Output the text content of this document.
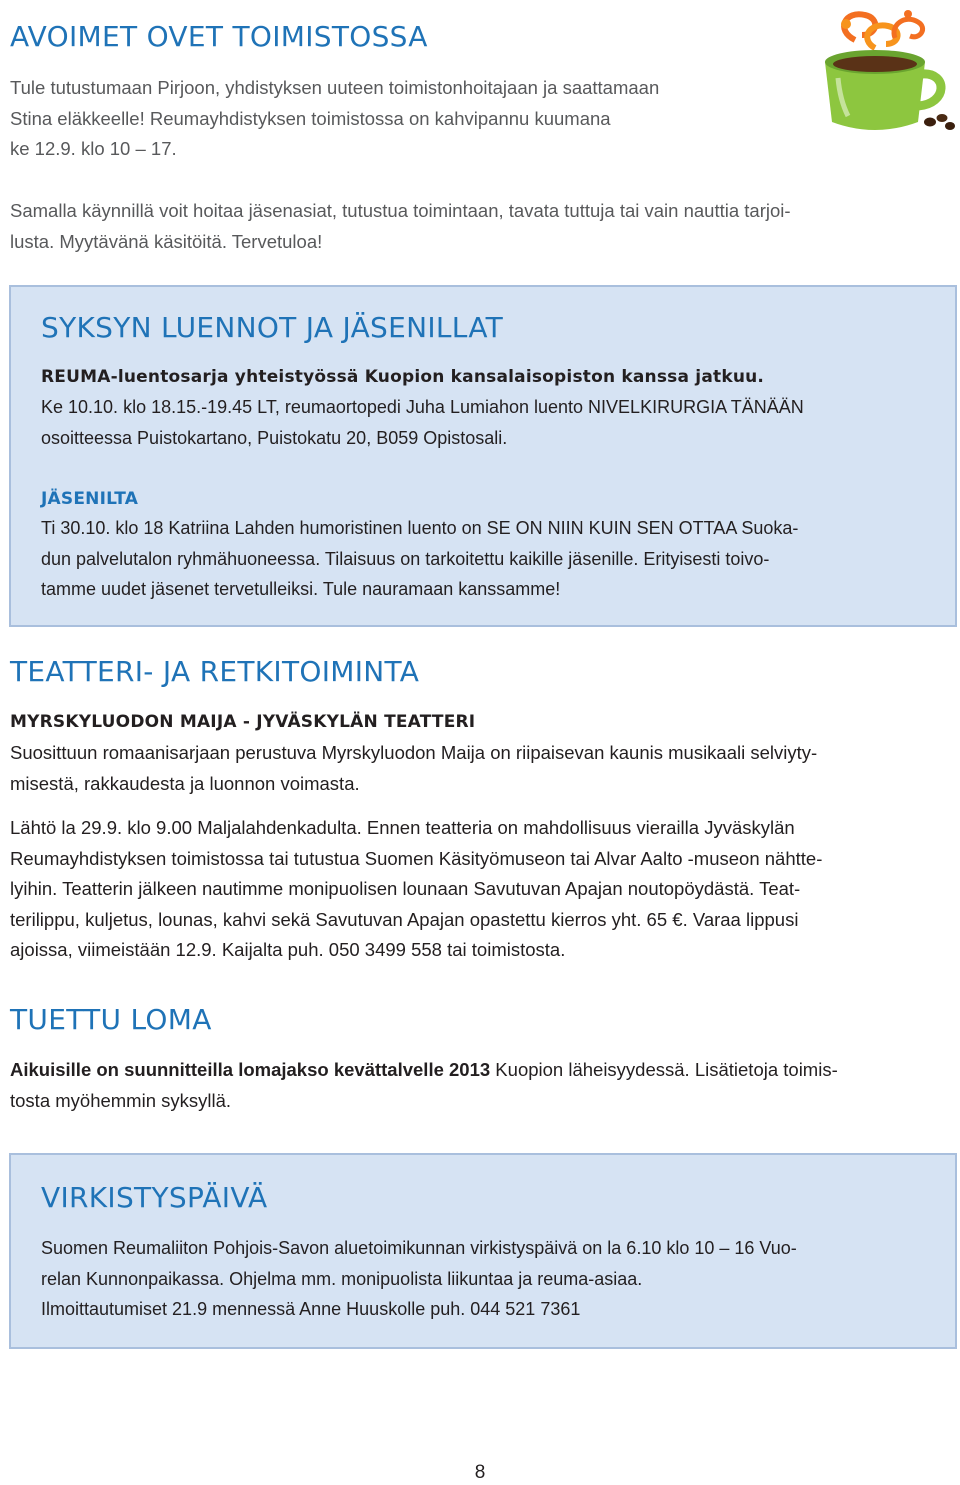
AVOIMET OVET TOIMISTOSSA

Tule tutustumaan Pirjoon, yhdistyksen uuteen toimistonhoitajaan ja saattamaan

Stina eläkkeelle! Reumayhdistyksen toimistossa on kahvipannu kuumana

ke 12.9. klo 10 – 17.

Samalla käynnillä voit hoitaa jäsenasiat, tutustua toimintaan, tavata tuttuja tai vain nauttia tarjoi-

lusta. Myytävänä käsitöitä. Tervetuloa!

SYKSYN LUENNOT JA JÄSENILLAT
REUMA-luentosarja yhteistyössä Kuopion kansalaisopiston kanssa jatkuu.

Ke 10.10. klo 18.15.-19.45 LT, reumaortopedi Juha Lumiahon luento NIVELKIRURGIA TÄNÄÄN

osoitteessa Puistokartano, Puistokatu 20, B059 Opistosali.

JÄSENILTA

Ti 30.10. klo 18 Katriina Lahden humoristinen luento on SE ON NIIN KUIN SEN OTTAA Suoka-

dun palvelutalon ryhmähuoneessa. Tilaisuus on tarkoitettu kaikille jäsenille. Erityisesti toivo-

tamme uudet jäsenet tervetulleiksi. Tule nauramaan kanssamme!

TEATTERI- JA RETKITOIMINTA
MYRSKYLUODON MAIJA - JYVÄSKYLÄN TEATTERI

Suosittuun romaanisarjaan perustuva Myrskyluodon Maija on riipaisevan kaunis musikaali selviyty-

misestä, rakkaudesta ja luonnon voimasta.

Lähtö la 29.9. klo 9.00 Maljalahdenkadulta. Ennen teatteria on mahdollisuus vierailla Jyväskylän

Reumayhdistyksen toimistossa tai tutustua Suomen Käsityömuseon tai Alvar Aalto -museon nähtte-

lyihin. Teatterin jälkeen nautimme monipuolisen lounaan Savutuvan Apajan noutopöydästä. Teat-

terilippu, kuljetus, lounas, kahvi sekä Savutuvan Apajan opastettu kierros yht. 65 €. Varaa lippusi

ajoissa, viimeistään 12.9. Kaijalta puh. 050 3499 558 tai toimistosta.

TUETTU LOMA

Aikuisille on suunnitteilla lomajakso kevättalvelle 2013 Kuopion läheisyydessä. Lisätietoja toimis-

tosta myöhemmin syksyllä.

VIRKISTYSPÄIVÄ

Suomen Reumaliiton Pohjois-Savon aluetoimikunnan virkistyspäivä on la 6.10 klo 10 – 16 Vuo-

relan Kunnonpaikassa. Ohjelma mm. monipuolista liikuntaa ja reuma-asiaa.

Ilmoittautumiset 21.9 mennessä Anne Huuskolle puh. 044 521 7361

8
